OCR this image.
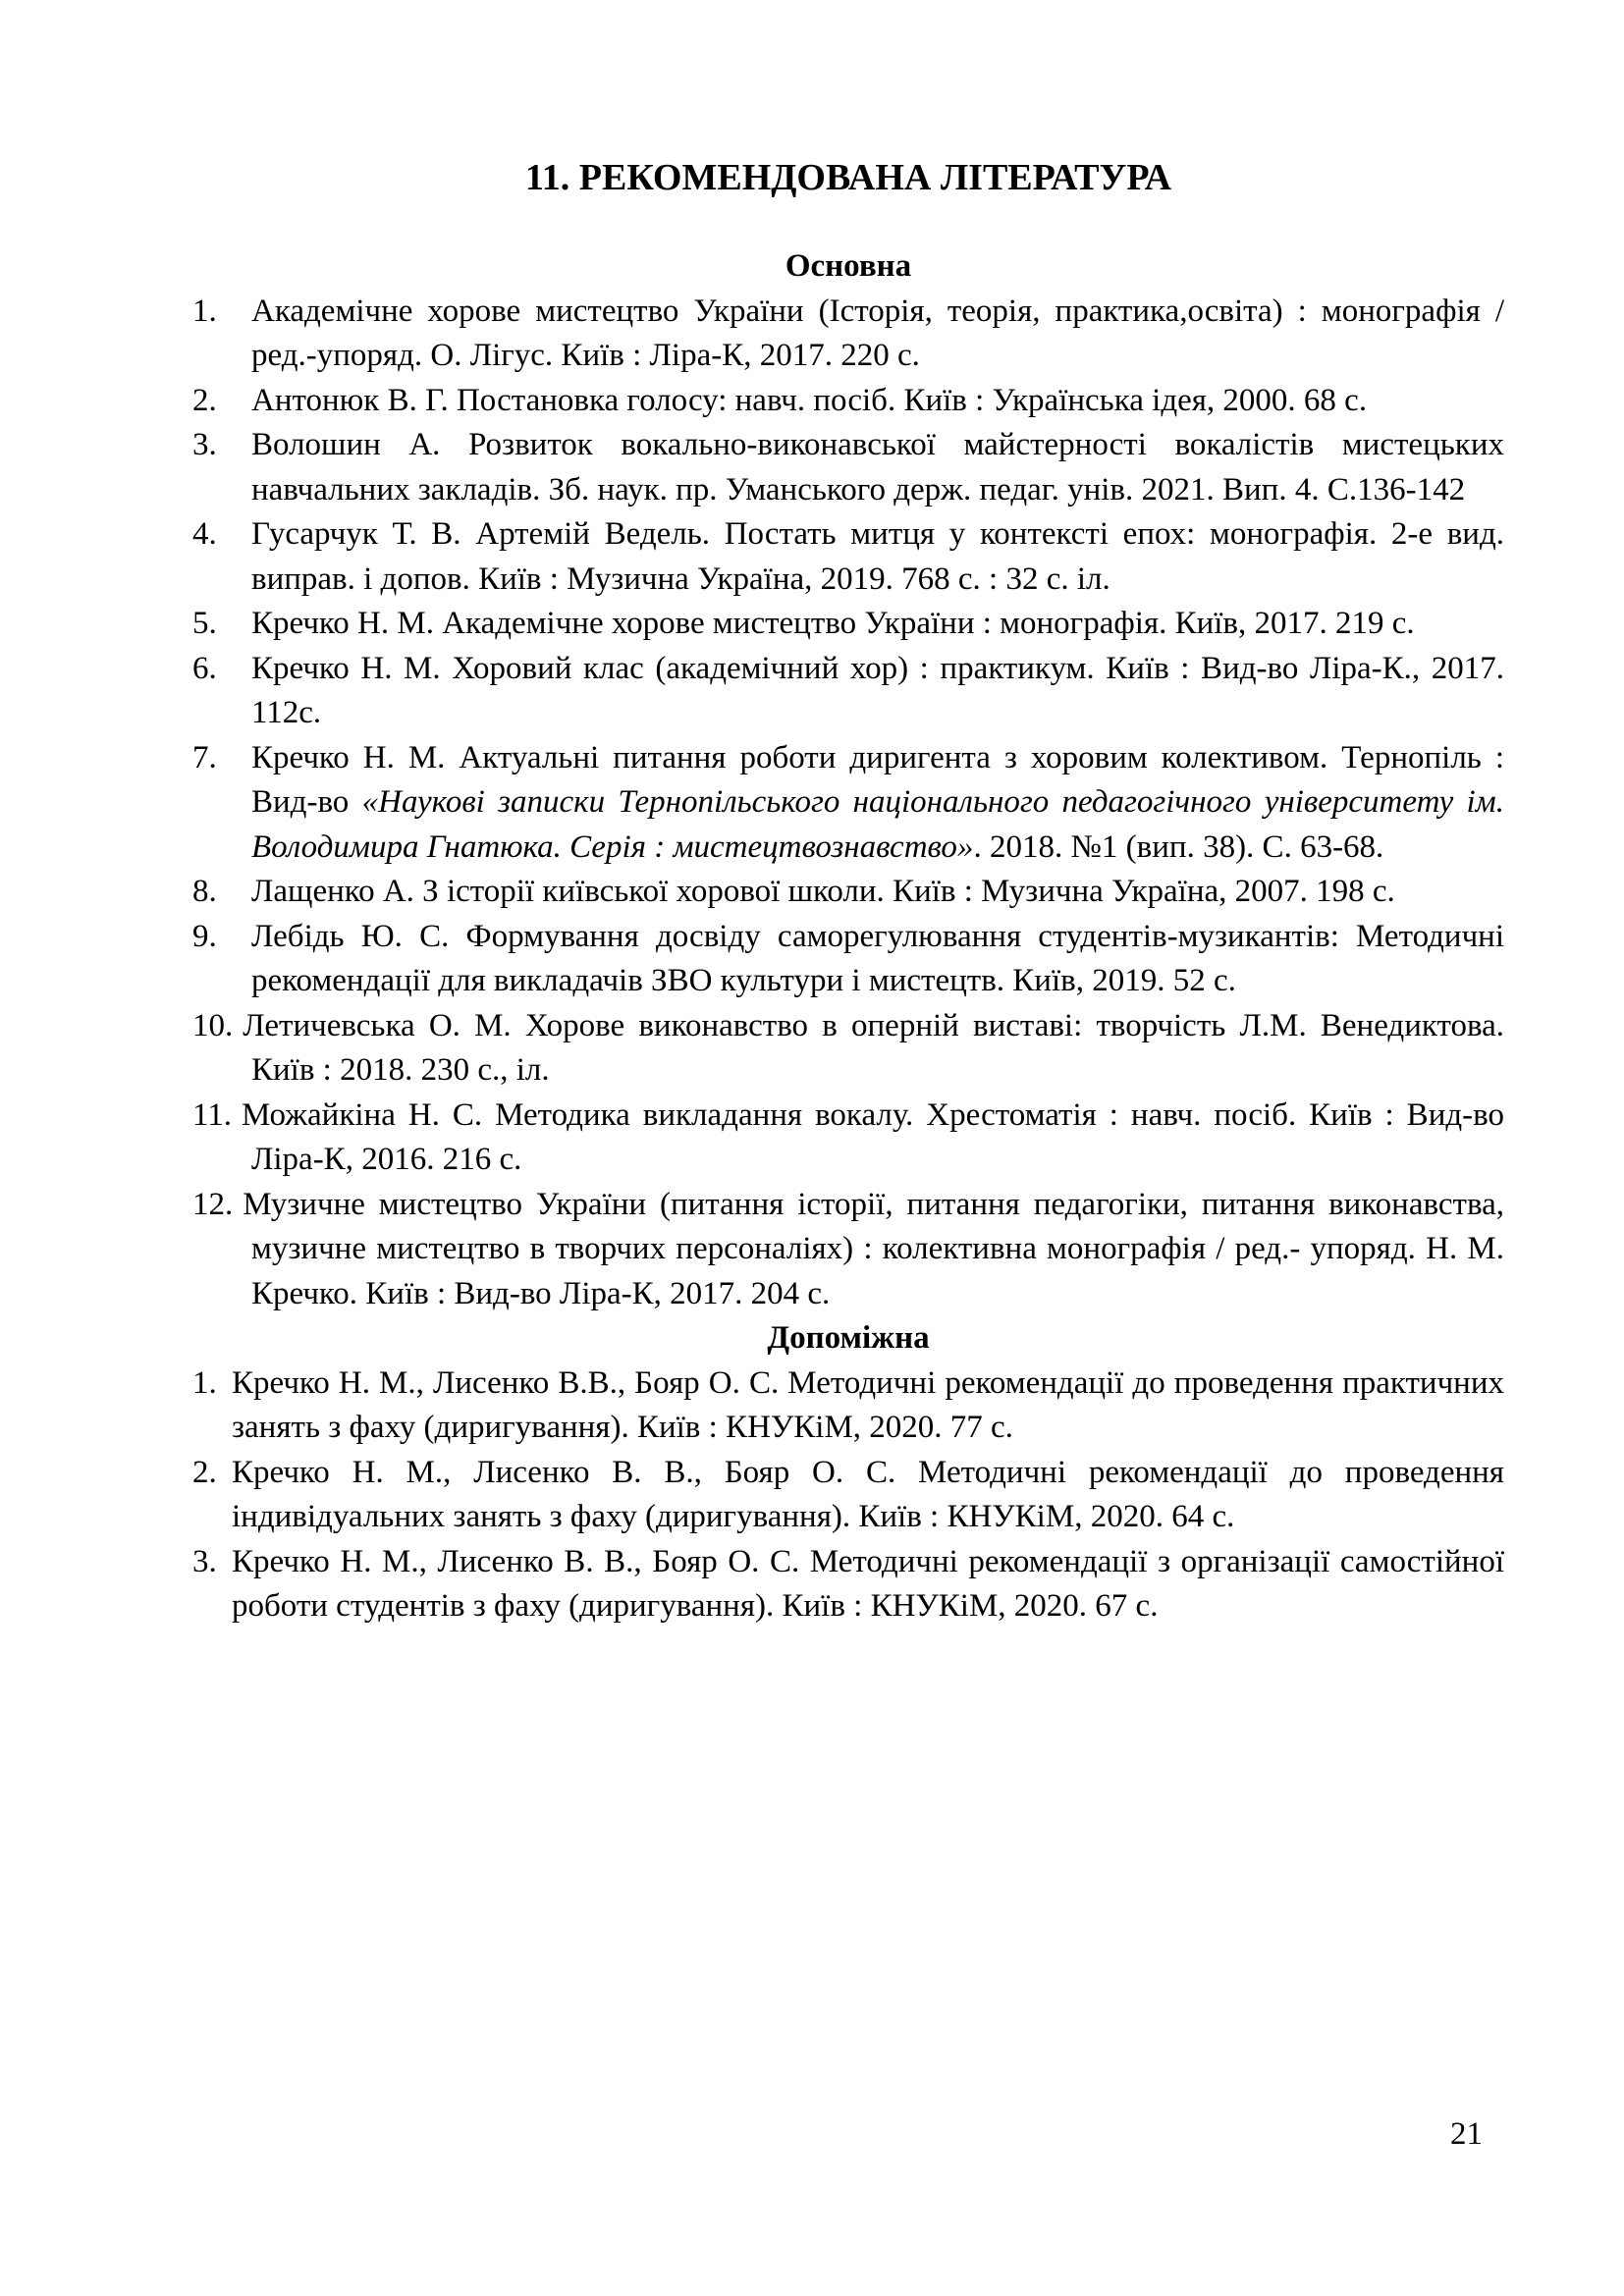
11. РЕКОМЕНДОВАНА ЛІТЕРАТУРА
Основна
1. Академічне хорове мистецтво України (Історія, теорія, практика,освіта) : монографія / ред.-упоряд. О. Лігус. Київ : Ліра-К, 2017. 220 с.
2. Антонюк В. Г. Постановка голосу: навч. посіб. Київ : Українська ідея, 2000. 68 с.
3. Волошин А. Розвиток вокально-виконавської майстерності вокалістів мистецьких навчальних закладів. Зб. наук. пр. Уманського держ. педаг. унів. 2021. Вип. 4. С.136-142
4. Гусарчук Т. В. Артемій Ведель. Постать митця у контексті епох: монографія. 2-е вид. виправ. і допов. Київ : Музична Україна, 2019. 768 с. : 32 с. іл.
5. Кречко Н. М. Академічне хорове мистецтво України : монографія. Київ, 2017. 219 с.
6. Кречко Н. М. Хоровий клас (академічний хор) : практикум. Київ : Вид-во Ліра-К., 2017. 112с.
7. Кречко Н. М. Актуальні питання роботи диригента з хоровим колективом. Тернопіль : Вид-во «Наукові записки Тернопільського національного педагогічного університету ім. Володимира Гнатюка. Серія : мистецтвознавство». 2018. №1 (вип. 38). С. 63-68.
8. Лащенко А. З історії київської хорової школи. Київ : Музична Україна, 2007. 198 с.
9. Лебідь Ю. С. Формування досвіду саморегулювання студентів-музикантів: Методичні рекомендації для викладачів ЗВО культури і мистецтв. Київ, 2019. 52 с.
10. Летичевська О. М. Хорове виконавство в оперній виставі: творчість Л.М. Венедиктова. Київ : 2018. 230 с., іл.
11. Можайкіна Н. С. Методика викладання вокалу. Хрестоматія : навч. посіб. Київ : Вид-во Ліра-К, 2016. 216 с.
12. Музичне мистецтво України (питання історії, питання педагогіки, питання виконавства, музичне мистецтво в творчих персоналіях) : колективна монографія / ред.- упоряд. Н. М. Кречко. Київ : Вид-во Ліра-К, 2017. 204 с.
Допоміжна
1. Кречко Н. М., Лисенко В.В., Бояр О. С. Методичні рекомендації до проведення практичних занять з фаху (диригування). Київ : КНУКіМ, 2020. 77 с.
2. Кречко Н. М., Лисенко В. В., Бояр О. С. Методичні рекомендації до проведення індивідуальних занять з фаху (диригування). Київ : КНУКіМ, 2020. 64 с.
3. Кречко Н. М., Лисенко В. В., Бояр О. С. Методичні рекомендації з організації самостійної роботи студентів з фаху (диригування). Київ : КНУКіМ, 2020. 67 с.
21
